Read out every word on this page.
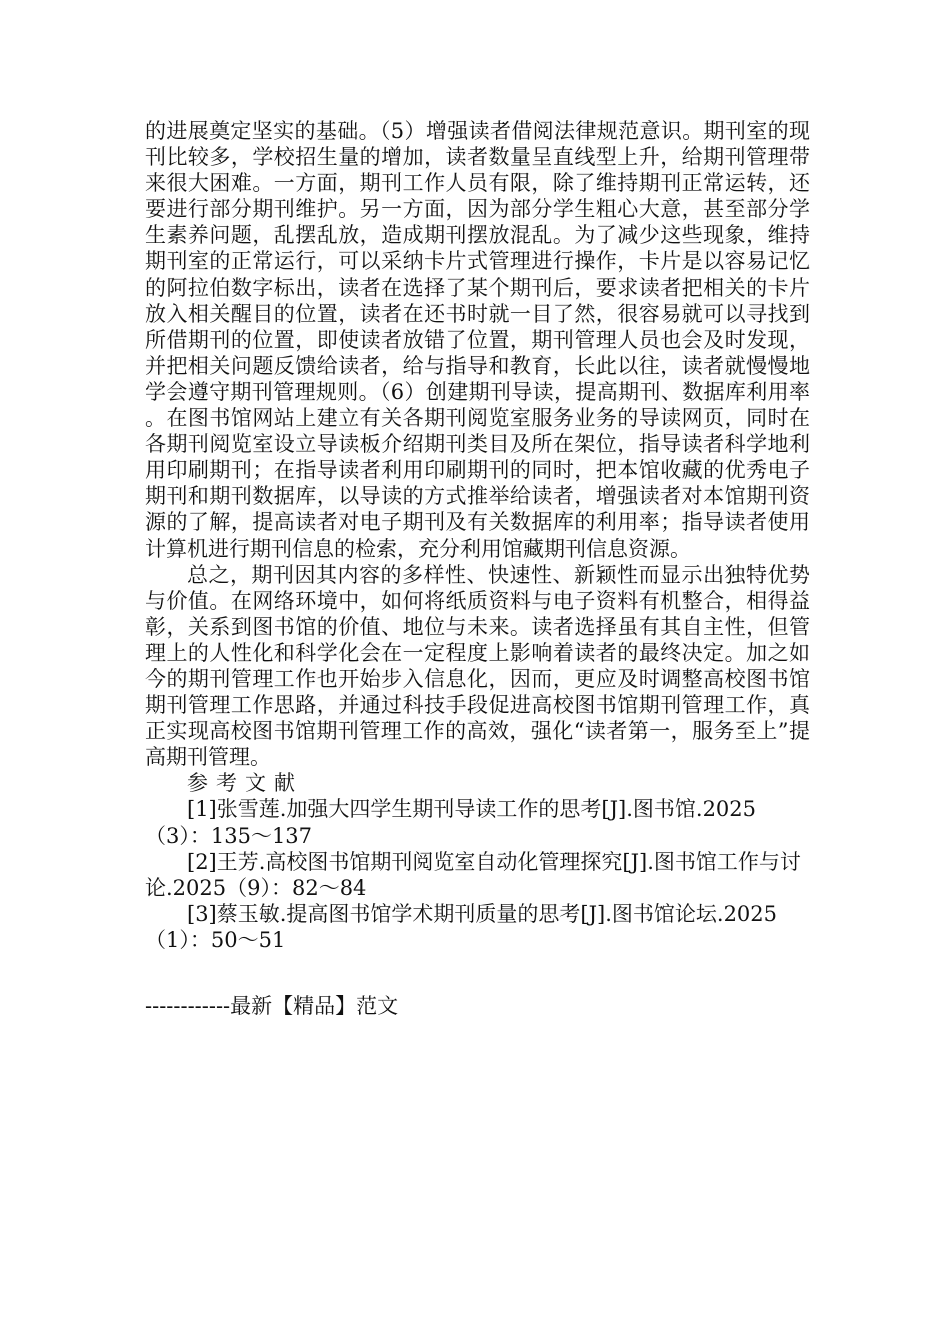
的进展奠定坚实的基础。（5）增强读者借阅法律规范意识。期刊室的现刊比较多，学校招生量的增加，读者数量呈直线型上升，给期刊管理带来很大困难。一方面，期刊工作人员有限，除了维持期刊正常运转，还要进行部分期刊维护。另一方面，因为部分学生粗心大意，甚至部分学生素养问题，乱摆乱放，造成期刊摆放混乱。为了减少这些现象，维持期刊室的正常运行，可以采纳卡片式管理进行操作，卡片是以容易记忆的阿拉伯数字标出，读者在选择了某个期刊后，要求读者把相关的卡片放入相关醒目的位置，读者在还书时就一目了然，很容易就可以寻找到所借期刊的位置，即使读者放错了位置，期刊管理人员也会及时发现，并把相关问题反馈给读者，给与指导和教育，长此以往，读者就慢慢地学会遵守期刊管理规则。（6）创建期刊导读，提高期刊、数据库利用率。在图书馆网站上建立有关各期刊阅览室服务业务的导读网页，同时在各期刊阅览室设立导读板介绍期刊类目及所在架位，指导读者科学地利用印刷期刊；在指导读者利用印刷期刊的同时，把本馆收藏的优秀电子期刊和期刊数据库，以导读的方式推举给读者，增强读者对本馆期刊资源的了解，提高读者对电子期刊及有关数据库的利用率；指导读者使用计算机进行期刊信息的检索，充分利用馆藏期刊信息资源。

总之，期刊因其内容的多样性、快速性、新颖性而显示出独特优势与价值。在网络环境中，如何将纸质资料与电子资料有机整合，相得益彰，关系到图书馆的价值、地位与未来。读者选择虽有其自主性，但管理上的人性化和科学化会在一定程度上影响着读者的最终决定。加之如今的期刊管理工作也开始步入信息化，因而，更应及时调整高校图书馆期刊管理工作思路，并通过科技手段促进高校图书馆期刊管理工作，真正实现高校图书馆期刊管理工作的高效，强化“读者第一，服务至上”提高期刊管理。

参考文献

[1]张雪莲.加强大四学生期刊导读工作的思考[J].图书馆.2025（3）：135～137

[2]王芳.高校图书馆期刊阅览室自动化管理探究[J].图书馆工作与讨论.2025（9）：82～84

[3]蔡玉敏.提高图书馆学术期刊质量的思考[J].图书馆论坛.2025（1）：50～51

------------最新【精品】范文
